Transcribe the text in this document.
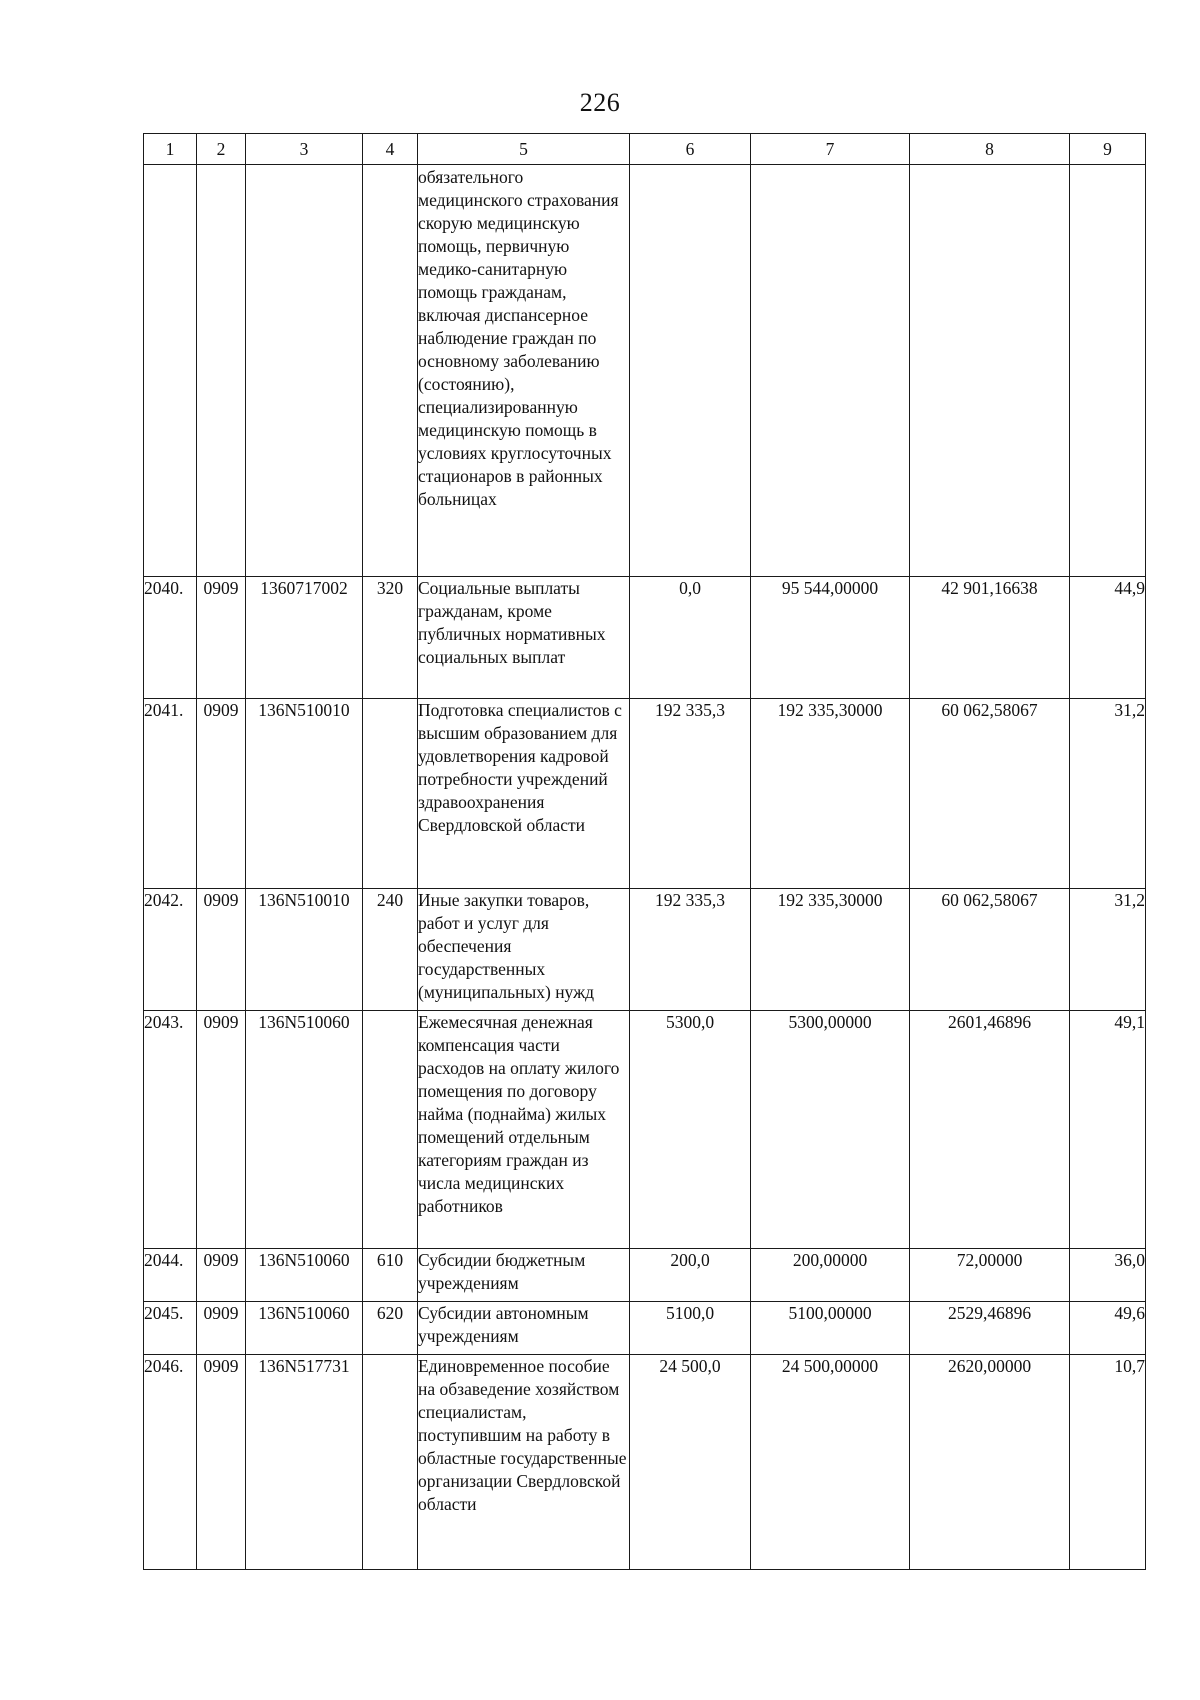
226
1	2	3	4	5	6	7	8	9
				обязательного медицинского страхования скорую медицинскую помощь, первичную медико-санитарную помощь гражданам, включая диспансерное наблюдение граждан по основному заболеванию (состоянию), специализированную медицинскую помощь в условиях круглосуточных стационаров в районных больницах				
2040.	0909	1360717002	320	Социальные выплаты гражданам, кроме публичных нормативных социальных выплат	0,0	95 544,00000	42 901,16638	44,9
2041.	0909	136N510010		Подготовка специалистов с высшим образованием для удовлетворения кадровой потребности учреждений здравоохранения Свердловской области	192 335,3	192 335,30000	60 062,58067	31,2
2042.	0909	136N510010	240	Иные закупки товаров, работ и услуг для обеспечения государственных (муниципальных) нужд	192 335,3	192 335,30000	60 062,58067	31,2
2043.	0909	136N510060		Ежемесячная денежная компенсация части расходов на оплату жилого помещения по договору найма (поднайма) жилых помещений отдельным категориям граждан из числа медицинских работников	5300,0	5300,00000	2601,46896	49,1
2044.	0909	136N510060	610	Субсидии бюджетным учреждениям	200,0	200,00000	72,00000	36,0
2045.	0909	136N510060	620	Субсидии автономным учреждениям	5100,0	5100,00000	2529,46896	49,6
2046.	0909	136N517731		Единовременное пособие на обзаведение хозяйством специалистам, поступившим на работу в областные государственные организации Свердловской области	24 500,0	24 500,00000	2620,00000	10,7
